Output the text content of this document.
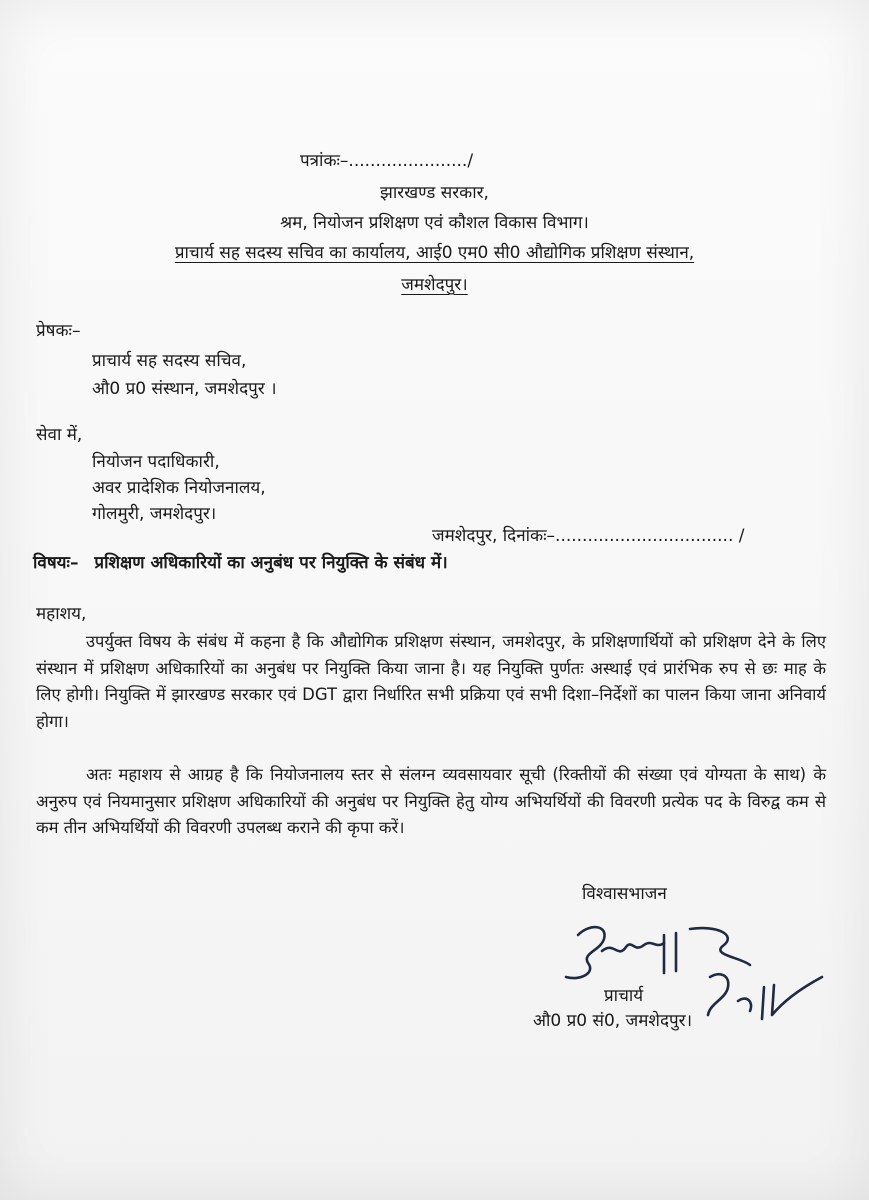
पत्रांकः–....................../
झारखण्ड सरकार,
श्रम, नियोजन प्रशिक्षण एवं कौशल विकास विभाग।
प्राचार्य सह सदस्य सचिव का कार्यालय, आई0 एम0 सी0 औद्योगिक प्रशिक्षण संस्थान,
जमशेदपुर।
प्रेषकः–
प्राचार्य सह सदस्य सचिव,
औ0 प्र0 संस्थान, जमशेदपुर ।
सेवा में,
नियोजन पदाधिकारी,
अवर प्रादेशिक नियोजनालय,
गोलमुरी, जमशेदपुर।
जमशेदपुर, दिनांकः–................................. /
विषयः– प्रशिक्षण अधिकारियों का अनुबंध पर नियुक्ति के संबंध में।
महाशय,
उपर्युक्त विषय के संबंध में कहना है कि औद्योगिक प्रशिक्षण संस्थान, जमशेदपुर, के प्रशिक्षणार्थियों को प्रशिक्षण देने के लिए संस्थान में प्रशिक्षण अधिकारियों का अनुबंध पर नियुक्ति किया जाना है। यह नियुक्ति पुर्णतः अस्थाई एवं प्रारंभिक रुप से छः माह के लिए होगी। नियुक्ति में झारखण्ड सरकार एवं DGT द्वारा निर्धारित सभी प्रक्रिया एवं सभी दिशा–निर्देशों का पालन किया जाना अनिवार्य होगा।
अतः महाशय से आग्रह है कि नियोजनालय स्तर से संलग्न व्यवसायवार सूची (रिक्तीयों की संख्या एवं योग्यता के साथ) के अनुरुप एवं नियमानुसार प्रशिक्षण अधिकारियों की अनुबंध पर नियुक्ति हेतु योग्य अभियर्थियों की विवरणी प्रत्येक पद के विरुद्व कम से कम तीन अभियर्थियों की विवरणी उपलब्ध कराने की कृपा करें।
विश्वासभाजन
प्राचार्य
औ0 प्र0 सं0, जमशेदपुर।
